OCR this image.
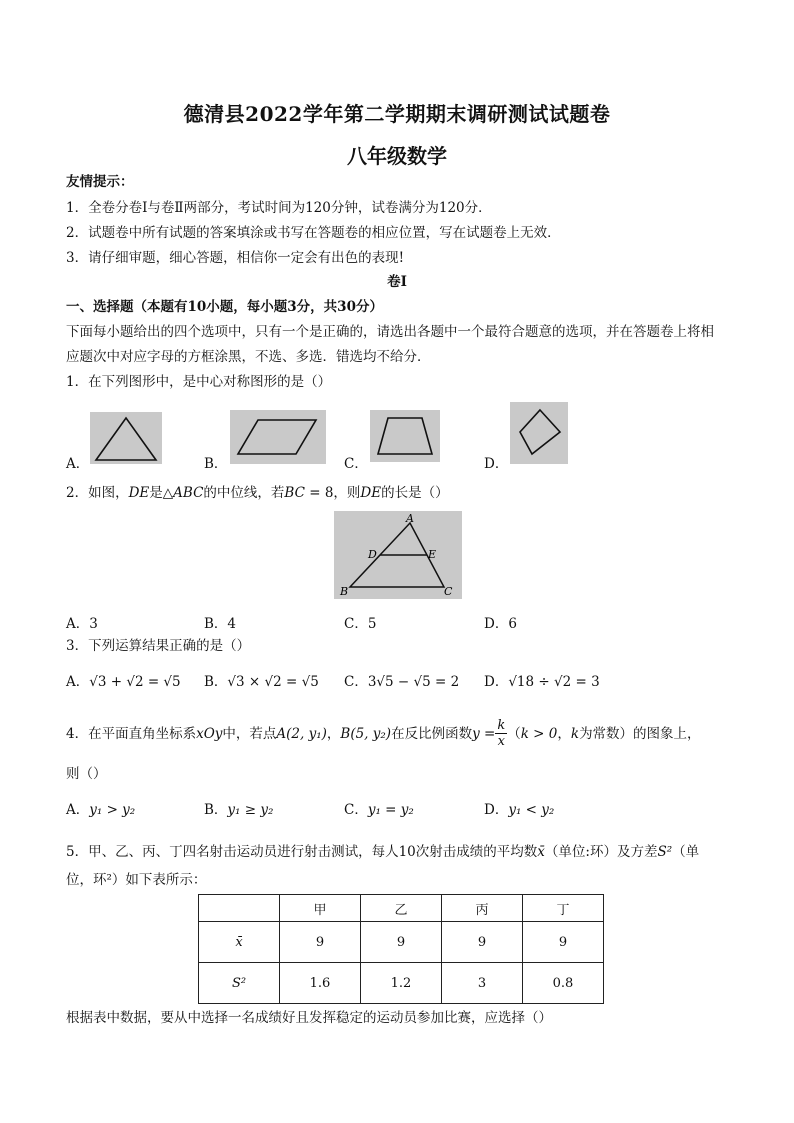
德清县2022学年第二学期期末调研测试试题卷
八年级数学
友情提示：
1．全卷分卷Ⅰ与卷Ⅱ两部分，考试时间为120分钟，试卷满分为120分．
2．试题卷中所有试题的答案填涂或书写在答题卷的相应位置，写在试题卷上无效．
3．请仔细审题，细心答题，相信你一定会有出色的表现!
卷Ⅰ
一、选择题（本题有10小题，每小题3分，共30分）
下面每小题给出的四个选项中，只有一个是正确的，请选出各题中一个最符合题意的选项，并在答题卷上将相
应题次中对应字母的方框涂黑，不选、多选．错选均不给分．
1．在下列图形中，是中心对称图形的是（）
A．	B．	C．	D．
2．如图，DE是△ABC的中位线，若BC = 8，则DE的长是（）
A
D	E
B	C
A．3	B．4	C．5	D．6
3．下列运算结果正确的是（）
A．√3 + √2 = √5 B．√3 × √2 = √5 C．3√5 − √5 = 2 D．√18 ÷ √2 = 3
4．在平面直角坐标系 xOy 中，若点 A(2, y₁) ， B(5, y₂) 在反比例函数 $y = \frac{k}{x}$ （ k > 0 ， k 为常数）的图象上，
则（）
A．y₁ > y₂	B．y₁ ≥ y₂	C．y₁ = y₂	D．y₁ < y₂
5．甲、乙、丙、丁四名射击运动员进行射击测试，每人10次射击成绩的平均数x̄（单位:环）及方差S²（单
位，环²）如下表所示：
	甲	乙	丙	丁
x̄	9	9	9	9
S²	1.6	1.2	3	0.8
根据表中数据，要从中选择一名成绩好且发挥稳定的运动员参加比赛，应选择（）
